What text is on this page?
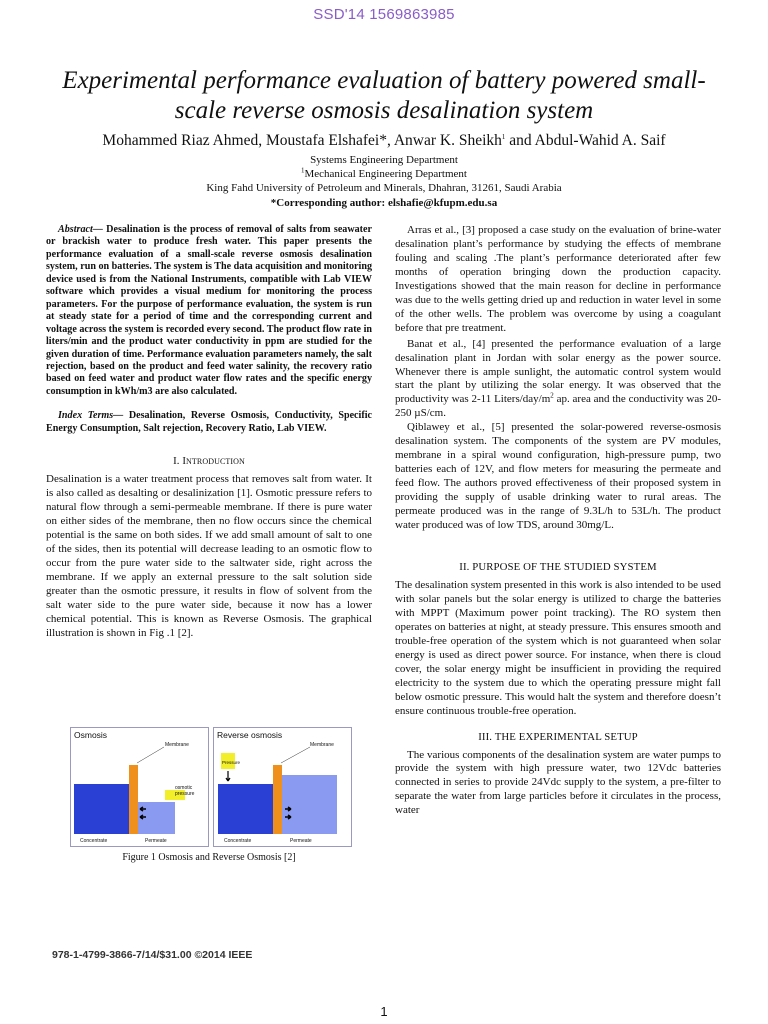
SSD'14 1569863985
Experimental performance evaluation of battery powered small-scale reverse osmosis desalination system
Mohammed Riaz Ahmed, Moustafa Elshafei*, Anwar K. Sheikh$^1$ and Abdul-Wahid A. Saif
Systems Engineering Department
$^1$Mechanical Engineering Department
King Fahd University of Petroleum and Minerals, Dhahran, 31261, Saudi Arabia
*Corresponding author: elshafie@kfupm.edu.sa

Abstract— Desalination is the process of removal of salts from seawater or brackish water to produce fresh water. This paper presents the performance evaluation of a small-scale reverse osmosis desalination system, run on batteries. The system is The data acquisition and monitoring device used is from the National Instruments, compatible with Lab VIEW software which provides a visual medium for monitoring the process parameters. For the purpose of performance evaluation, the system is run at steady state for a period of time and the corresponding current and voltage across the system is recorded every second. The product flow rate in liters/min and the product water conductivity in ppm are studied for the given duration of time. Performance evaluation parameters namely, the salt rejection, based on the product and feed water salinity, the recovery ratio based on feed water and product water flow rates and the specific energy consumption in kWh/m3 are also calculated.

Index Terms— Desalination, Reverse Osmosis, Conductivity, Specific Energy Consumption, Salt rejection, Recovery Ratio, Lab VIEW.

I. Introduction

Desalination is a water treatment process that removes salt from water. It is also called as desalting or desalinization [1]. Osmotic pressure refers to natural flow through a semi-permeable membrane. If there is pure water on either sides of the membrane, then no flow occurs since the chemical potential is the same on both sides. If we add small amount of salt to one of the sides, then its potential will decrease leading to an osmotic flow to occur from the pure water side to the saltwater side, right across the membrane. If we apply an external pressure to the salt solution side greater than the osmotic pressure, it results in flow of solvent from the salt water side to the pure water side, because it now has a lower chemical potential. This is known as Reverse Osmosis. The graphical illustration is shown in Fig .1 [2].

Osmosis
Membrane
osmotic
pressure
Concentrate	Permeate
Reverse osmosis
Pressure
Membrane
Concentrate	Permeate
Figure 1 Osmosis and Reverse Osmosis [2]

Arras et al., [3] proposed a case study on the evaluation of brine-water desalination plant’s performance by studying the effects of membrane fouling and scaling .The plant’s performance deteriorated after few months of operation bringing down the production capacity. Investigations showed that the main reason for decline in performance was due to the wells getting dried up and reduction in water level in some of the other wells. The problem was overcome by using a coagulant before that pre treatment.

Banat et al., [4] presented the performance evaluation of a large desalination plant in Jordan with solar energy as the power source. Whenever there is ample sunlight, the automatic control system would start the plant by utilizing the solar energy. It was observed that the productivity was 2-11 Liters/$day/m^2$ ap. area and the conductivity was 20-250 µS/cm.

Qiblawey et al., [5] presented the solar-powered reverse-osmosis desalination system. The components of the system are PV modules, membrane in a spiral wound configuration, high-pressure pump, two batteries each of 12V, and flow meters for measuring the permeate and feed flow. The authors proved effectiveness of their proposed system in providing the supply of usable drinking water to rural areas. The permeate produced was in the range of 9.3L/h to 53L/h. The product water produced was of low TDS, around 30mg/L.

II. PURPOSE OF THE STUDIED SYSTEM

The desalination system presented in this work is also intended to be used with solar panels but the solar energy is utilized to charge the batteries with MPPT (Maximum power point tracking). The RO system then operates on batteries at night, at steady pressure. This ensures smooth and trouble-free operation of the system which is not guaranteed when solar energy is used as direct power source. For instance, when there is cloud cover, the solar energy might be insufficient in providing the required electricity to the system due to which the operating pressure might fall below osmotic pressure. This would halt the system and therefore doesn’t ensure continuous trouble-free operation.

III. THE EXPERIMENTAL SETUP

The various components of the desalination system are water pumps to provide the system with high pressure water, two 12Vdc batteries connected in series to provide 24Vdc supply to the system, a pre-filter to separate the water from large particles before it circulates in the process, water

978-1-4799-3866-7/14/$31.00 ©2014 IEEE
1
